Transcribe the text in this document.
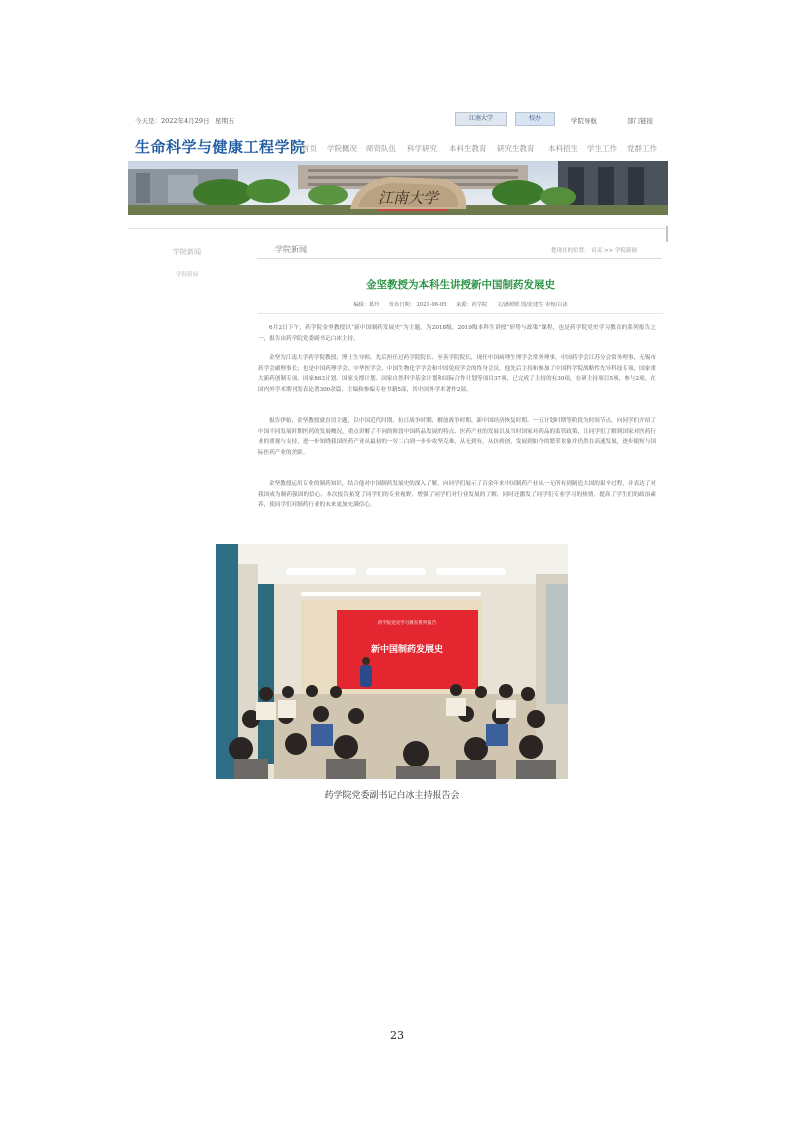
今天是：2022年4月29日 星期五	江南大学	校办	学院导航	部门链接
生命科学与健康工程学院
首页 学院概况 师资队伍 科学研究 本科生教育 研究生教育 本科招生 学生工作 党群工作
江南大学
学院新闻
学院新闻
学院新闻	您现在的位置： 首页 >> 学院新闻
金坚教授为本科生讲授新中国制药发展史
编辑：葛玲 发布日期： 2021-06-05 来源：药学院 文/潘媛媛 图/张建生 审核/白冰

6月2日下午，药学院金坚教授以“新中国制药发展史”为主题，为2018级、2019级本科生讲授“形势与政策”课程，也是药学院党史学习教育的系列报告之一，报告由药学院党委副书记白冰主持。

金坚为江南大学药学院教授、博士生导师，先后担任过药学院院长、至善学院院长，现任中国病理生理学会常务理事，中国药学会江苏分会常务理事，无锡市药学会副理事长；也是中国药理学会、中华医学会、中国生物化学学会和中国免疫学会的终身会员。他先后主持和参加了中国科学院战略性先导科技专项、国家重大新药创制专项、国家863计划、国家支撑计划、国家自然科学基金计划和国际合作计划等项目37项，已完成了主持的有30项，在研主持项目5项，参与2项。在国内外学术期刊发表论著300余篇，主编和参编专业书籍5部，其中国外学术著作2部。

报告伊始，金坚教授就直切主题，以中国近代时期、抗日战争时期、解放战争时期、新中国经济恢复时期、一五计划时期等阶段为时间节点，向同学们介绍了中国不同发展时期医药的发展概况，重点讲解了不同的阶段中国药品发展的特点、医药产业的发展以及当时国家对药品的监管政策，让同学们了解到国家对医药行业的重视与支持，进一步知晓我国医药产业从最初的一穷二白到一步步攻坚克难，从无到有，从仿到创，发展到如今的繁荣景象并仍然在高速发展，逐步缩短与国际医药产业的差距。

金坚教授运用专业的制药知识，结合他对中国制药发展史的深入了解，向同学们展示了百余年来中国制药产业从一无所有到制造大国的艰辛过程，并表达了对我国成为制药强国的信心。本次报告拓宽了同学们的专业视野，增强了同学们对行业发展的了解，同时还激发了同学们专业学习的热情，提高了学生们的政治素养，使同学们对制药行业的未来更加充满信心。

药学院党史学习教育系列报告
新中国制药发展史
药学院党委副书记白冰主持报告会
23
